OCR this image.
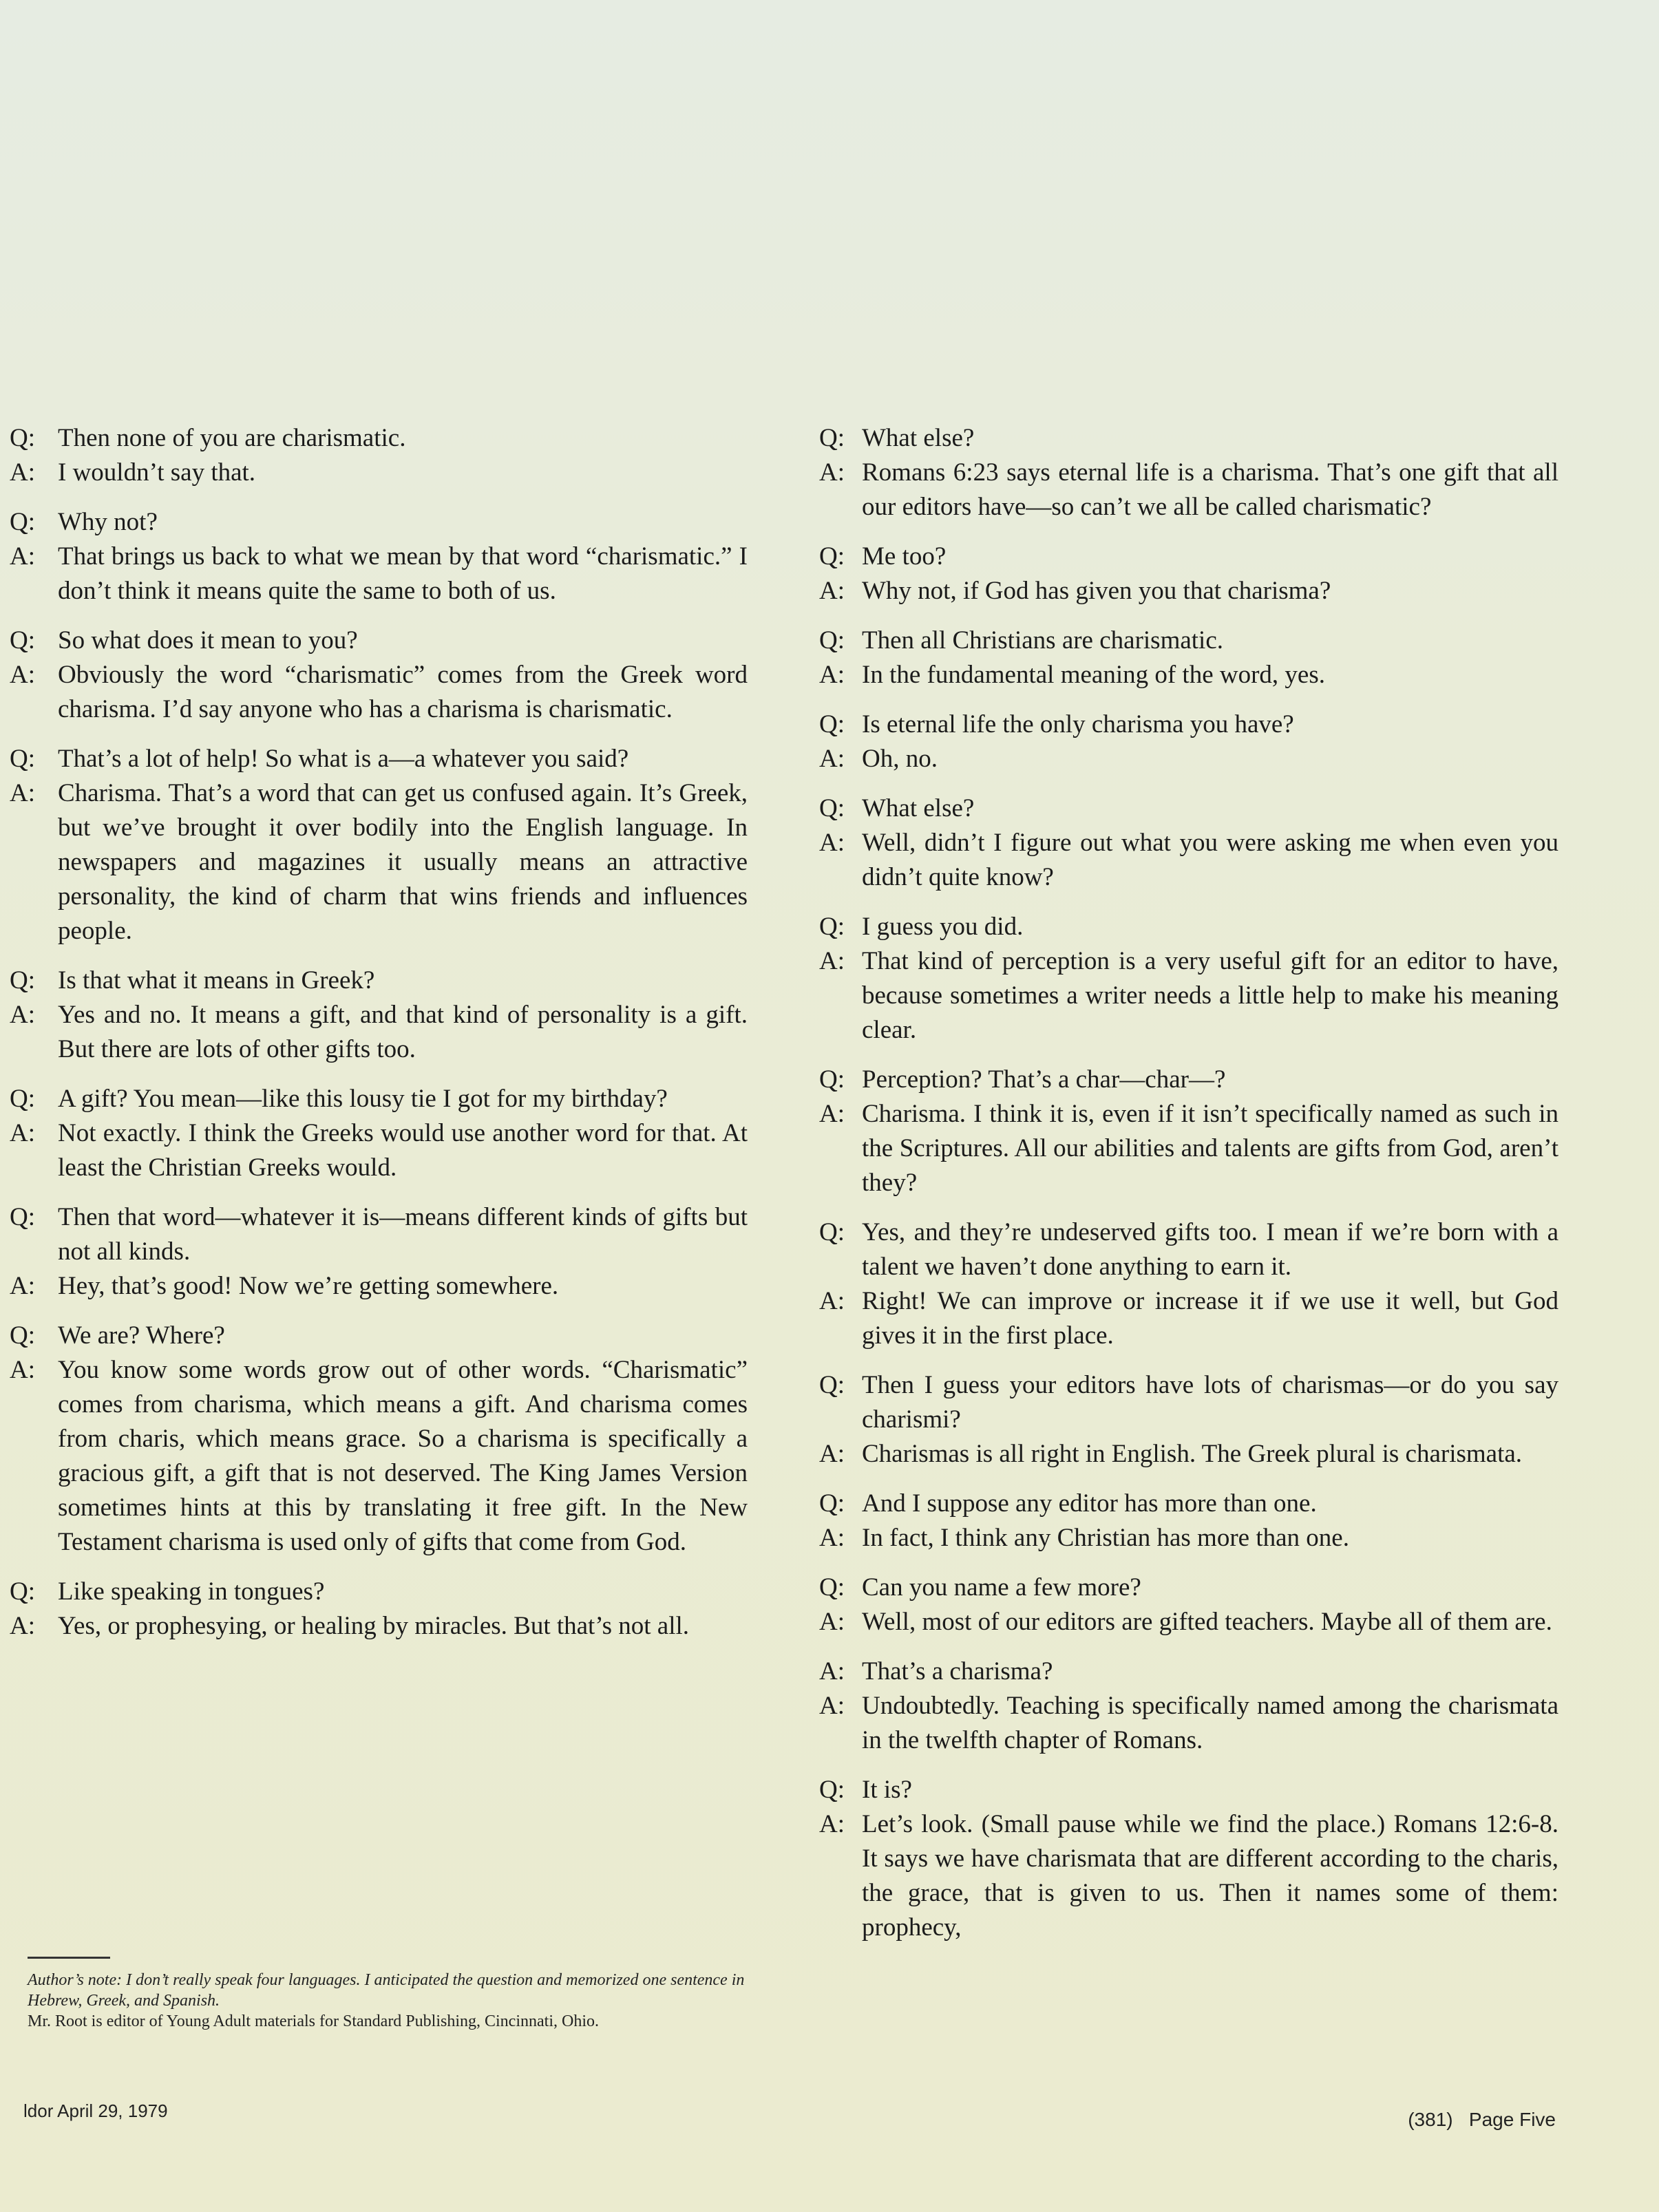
Q: Then none of you are charismatic.
A: I wouldn’t say that.
Q: Why not?
A: That brings us back to what we mean by that word “charismatic.” I don’t think it means quite the same to both of us.
Q: So what does it mean to you?
A: Obviously the word “charismatic” comes from the Greek word charisma. I’d say anyone who has a charisma is charismatic.
Q: That’s a lot of help! So what is a—a whatever you said?
A: Charisma. That’s a word that can get us confused again. It’s Greek, but we’ve brought it over bodily into the English language. In newspapers and magazines it usually means an attractive personality, the kind of charm that wins friends and influences people.
Q: Is that what it means in Greek?
A: Yes and no. It means a gift, and that kind of personality is a gift. But there are lots of other gifts too.
Q: A gift? You mean—like this lousy tie I got for my birthday?
A: Not exactly. I think the Greeks would use another word for that. At least the Christian Greeks would.
Q: Then that word—whatever it is—means different kinds of gifts but not all kinds.
A: Hey, that’s good! Now we’re getting somewhere.
Q: We are? Where?
A: You know some words grow out of other words. “Charismatic” comes from charisma, which means a gift. And charisma comes from charis, which means grace. So a charisma is specifically a gracious gift, a gift that is not deserved. The King James Version sometimes hints at this by translating it free gift. In the New Testament charisma is used only of gifts that come from God.
Q: Like speaking in tongues?
A: Yes, or prophesying, or healing by miracles. But that’s not all.
Q: What else?
A: Romans 6:23 says eternal life is a charisma. That’s one gift that all our editors have—so can’t we all be called charismatic?
Q: Me too?
A: Why not, if God has given you that charisma?
Q: Then all Christians are charismatic.
A: In the fundamental meaning of the word, yes.
Q: Is eternal life the only charisma you have?
A: Oh, no.
Q: What else?
A: Well, didn’t I figure out what you were asking me when even you didn’t quite know?
Q: I guess you did.
A: That kind of perception is a very useful gift for an editor to have, because sometimes a writer needs a little help to make his meaning clear.
Q: Perception? That’s a char—char—?
A: Charisma. I think it is, even if it isn’t specifically named as such in the Scriptures. All our abilities and talents are gifts from God, aren’t they?
Q: Yes, and they’re undeserved gifts too. I mean if we’re born with a talent we haven’t done anything to earn it.
A: Right! We can improve or increase it if we use it well, but God gives it in the first place.
Q: Then I guess your editors have lots of charismas—or do you say charismi?
A: Charismas is all right in English. The Greek plural is charismata.
Q: And I suppose any editor has more than one.
A: In fact, I think any Christian has more than one.
Q: Can you name a few more?
A: Well, most of our editors are gifted teachers. Maybe all of them are.
A: That’s a charisma?
A: Undoubtedly. Teaching is specifically named among the charismata in the twelfth chapter of Romans.
Q: It is?
A: Let’s look. (Small pause while we find the place.) Romans 12:6-8. It says we have charismata that are different according to the charis, the grace, that is given to us. Then it names some of them: prophecy,
Author’s note: I don’t really speak four languages. I anticipated the question and memorized one sentence in Hebrew, Greek, and Spanish.
Mr. Root is editor of Young Adult materials for Standard Publishing, Cincinnati, Ohio.
ldor April 29, 1979	(381)   Page Five
